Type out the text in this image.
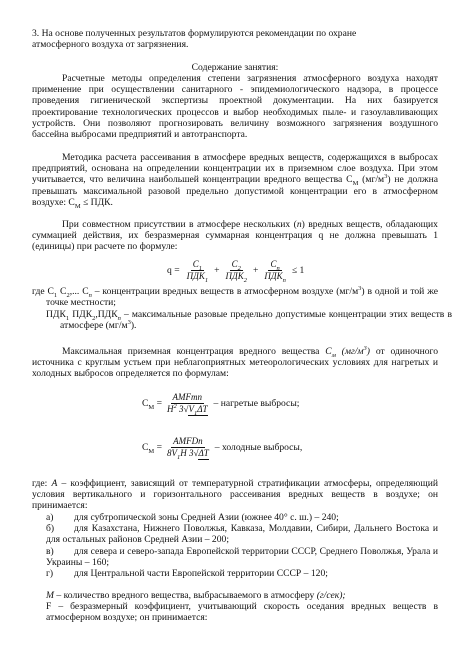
3. На основе полученных результатов формулируются рекомендации по охране

атмосферного воздуха от загрязнения.

Содержание занятия:

Расчетные методы определения степени загрязнения атмосферного воздуха находят применение при осуществлении санитарного - эпидемиологического надзора, в процессе проведения гигиенической экспертизы проектной документации. На них базируется проектирование технологических процессов и выбор необходимых пыле- и газоулавливающих устройств. Они позволяют прогнозировать величину возможного загрязнения воздушного бассейна выбросами предприятий и автотранспорта.

Методика расчета рассеивания в атмосфере вредных веществ, содержащихся в выбросах предприятий, основана на определении концентрации их в приземном слое воздуха. При этом учитывается, что величина наибольшей концентрации вредного вещества $С_М$ $(мг/м^3)$ не должна превышать максимальной разовой предельно допустимой концентрации его в атмосферном воздухе: $С_М$ ≤ ПДК.

При совместном присутствии в атмосфере нескольких (n) вредных веществ, обладающих суммацией действия, их безразмерная суммарная концентрация q не должна превышать 1 (единицы) при расчете по формуле:

$q = \frac{C_1}{ПДК_1} + \frac{C_2}{ПДК_2} + \frac{C_n}{ПДК_n} \le 1$

где $С_1$ $С_2$,... $С_n$ – концентрации вредных веществ в атмосферном воздухе $(мг/м^3)$ в одной и той же точке местности;

$ПДК_1$ $ПДК_2,ПДК_n$ – максимальные разовые предельно допустимые концентрации этих веществ в атмосфере $(мг/м^3)$.

Максимальная приземная концентрация вредного вещества $С_м$ $(мг/м^3)$ от одиночного источника с круглым устьем при неблагоприятных метеорологических условиях для нагретых и холодных выбросов определяется по формулам:

$С_М = \frac{\text{AMFmn}}{H^2 3√V_1\Delta T}$ – нагретые выбросы;
$С_М = \frac{\text{AMFDn}}{8V_1H 3√\Delta T}$ – холодные выбросы,

где: А – коэффициент, зависящий от температурной стратификации атмосферы, определяющий условия вертикального и горизонтального рассеивания вредных веществ в воздухе; он принимается:

а) для субтропической зоны Средней Азии (южнее 40° с. ш.) – 240;

б) для Казахстана, Нижнего Поволжья, Кавказа, Молдавии, Сибири, Дальнего Востока и для остальных районов Средней Азии – 200;

в) для севера и северо-запада Европейской территории СССР, Среднего Поволжья, Урала и Украины – 160;

г) для Центральной части Европейской территории СССР – 120;

М – количество вредного вещества, выбрасываемого в атмосферу (г/сек);

F – безразмерный коэффициент, учитывающий скорость оседания вредных веществ в атмосферном воздухе; он принимается:
